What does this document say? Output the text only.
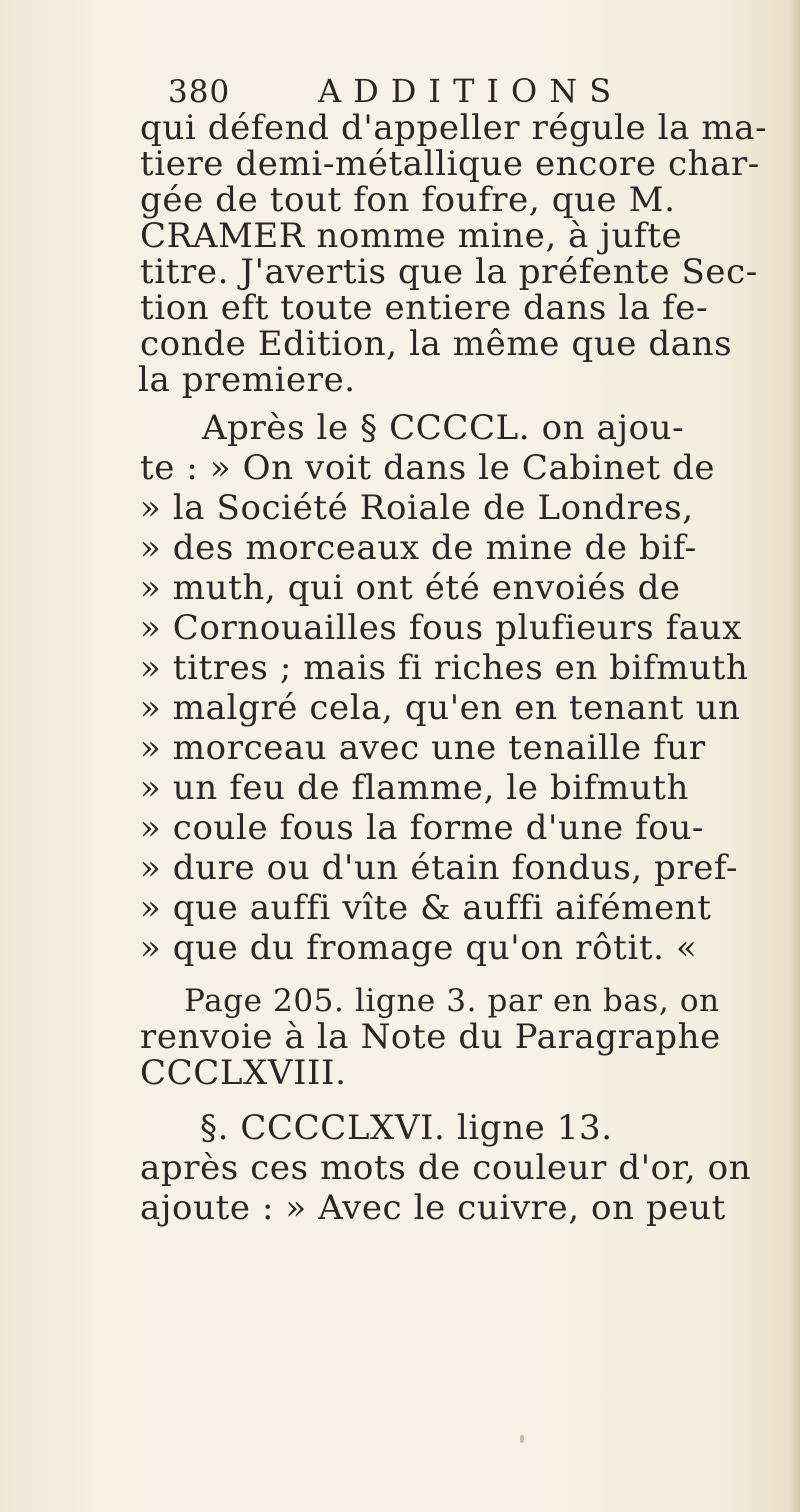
380	ADDITIONS
qui défend d'appeller régule la ma-
tiere demi-métallique encore char-
gée de tout fon foufre, que M.
CRAMER nomme mine, à jufte
titre. J'avertis que la préfente Sec-
tion eft toute entiere dans la fe-
conde Edition, la même que dans
la premiere.
Après le § CCCCL. on ajou-
te : » On voit dans le Cabinet de
» la Société Roiale de Londres,
» des morceaux de mine de bif-
» muth, qui ont été envoiés de
» Cornouailles fous plufieurs faux
» titres ; mais fi riches en bifmuth
» malgré cela, qu'en en tenant un
» morceau avec une tenaille fur
» un feu de flamme, le bifmuth
» coule fous la forme d'une fou-
» dure ou d'un étain fondus, pref-
» que auffi vîte & auffi aifément
» que du fromage qu'on rôtit. «
Page 205. ligne 3. par en bas, on
renvoie à la Note du Paragraphe
CCCLXVIII.
§. CCCCLXVI. ligne 13.
après ces mots de couleur d'or, on
ajoute : » Avec le cuivre, on peut
